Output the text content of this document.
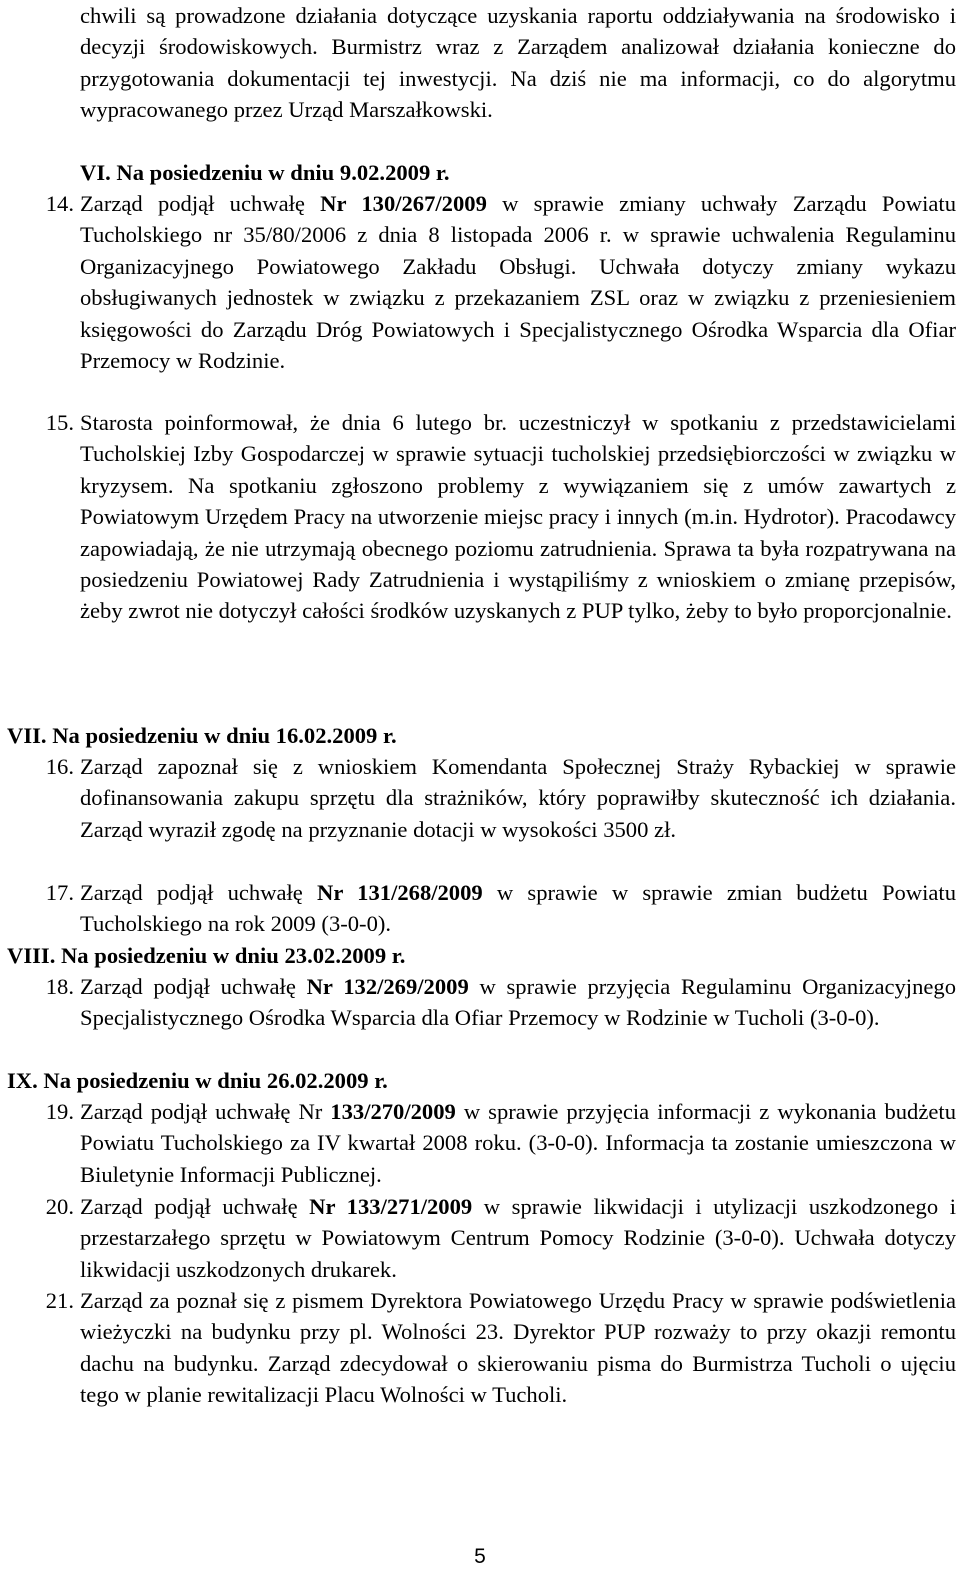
chwili są prowadzone działania dotyczące uzyskania raportu oddziaływania na środowisko i decyzji środowiskowych. Burmistrz wraz z Zarządem analizował działania konieczne do przygotowania dokumentacji tej inwestycji. Na dziś nie ma informacji, co do algorytmu wypracowanego przez Urząd Marszałkowski.
VI. Na posiedzeniu w dniu 9.02.2009 r.
14. Zarząd podjął uchwałę Nr 130/267/2009 w sprawie zmiany uchwały Zarządu Powiatu Tucholskiego nr 35/80/2006 z dnia 8 listopada 2006 r. w sprawie uchwalenia Regulaminu Organizacyjnego Powiatowego Zakładu Obsługi. Uchwała dotyczy zmiany wykazu obsługiwanych jednostek w związku z przekazaniem ZSL oraz w związku z przeniesieniem księgowości do Zarządu Dróg Powiatowych i Specjalistycznego Ośrodka Wsparcia dla Ofiar Przemocy w Rodzinie.
15. Starosta poinformował, że dnia 6 lutego br. uczestniczył w spotkaniu z przedstawicielami Tucholskiej Izby Gospodarczej w sprawie sytuacji tucholskiej przedsiębiorczości w związku w kryzysem. Na spotkaniu zgłoszono problemy z wywiązaniem się z umów zawartych z Powiatowym Urzędem Pracy na utworzenie miejsc pracy i innych (m.in. Hydrotor). Pracodawcy zapowiadają, że nie utrzymają obecnego poziomu zatrudnienia. Sprawa ta była rozpatrywana na posiedzeniu Powiatowej Rady Zatrudnienia i wystąpiliśmy z wnioskiem o zmianę przepisów, żeby zwrot nie dotyczył całości środków uzyskanych z PUP tylko, żeby to było proporcjonalnie.
VII. Na posiedzeniu w dniu 16.02.2009 r.
16. Zarząd zapoznał się z wnioskiem Komendanta Społecznej Straży Rybackiej w sprawie dofinansowania zakupu sprzętu dla strażników, który poprawiłby skuteczność ich działania. Zarząd wyraził zgodę na przyznanie dotacji w wysokości 3500 zł.
17. Zarząd podjął uchwałę Nr 131/268/2009 w sprawie w sprawie zmian budżetu Powiatu Tucholskiego na rok 2009 (3-0-0).
VIII. Na posiedzeniu w dniu 23.02.2009 r.
18. Zarząd podjął uchwałę Nr 132/269/2009 w sprawie przyjęcia Regulaminu Organizacyjnego Specjalistycznego Ośrodka Wsparcia dla Ofiar Przemocy w Rodzinie w Tucholi (3-0-0).
IX. Na posiedzeniu w dniu 26.02.2009 r.
19. Zarząd podjął uchwałę Nr 133/270/2009 w sprawie przyjęcia informacji z wykonania budżetu Powiatu Tucholskiego za IV kwartał 2008 roku. (3-0-0). Informacja ta zostanie umieszczona w Biuletynie Informacji Publicznej.
20. Zarząd podjął uchwałę Nr 133/271/2009 w sprawie likwidacji i utylizacji uszkodzonego i przestarzałego sprzętu w Powiatowym Centrum Pomocy Rodzinie (3-0-0). Uchwała dotyczy likwidacji uszkodzonych drukarek.
21. Zarząd za poznał się z pismem Dyrektora Powiatowego Urzędu Pracy w sprawie podświetlenia wieżyczki na budynku przy pl. Wolności 23. Dyrektor PUP rozważy to przy okazji remontu dachu na budynku. Zarząd zdecydował o skierowaniu pisma do Burmistrza Tucholi o ujęciu tego w planie rewitalizacji Placu Wolności w Tucholi.
5
